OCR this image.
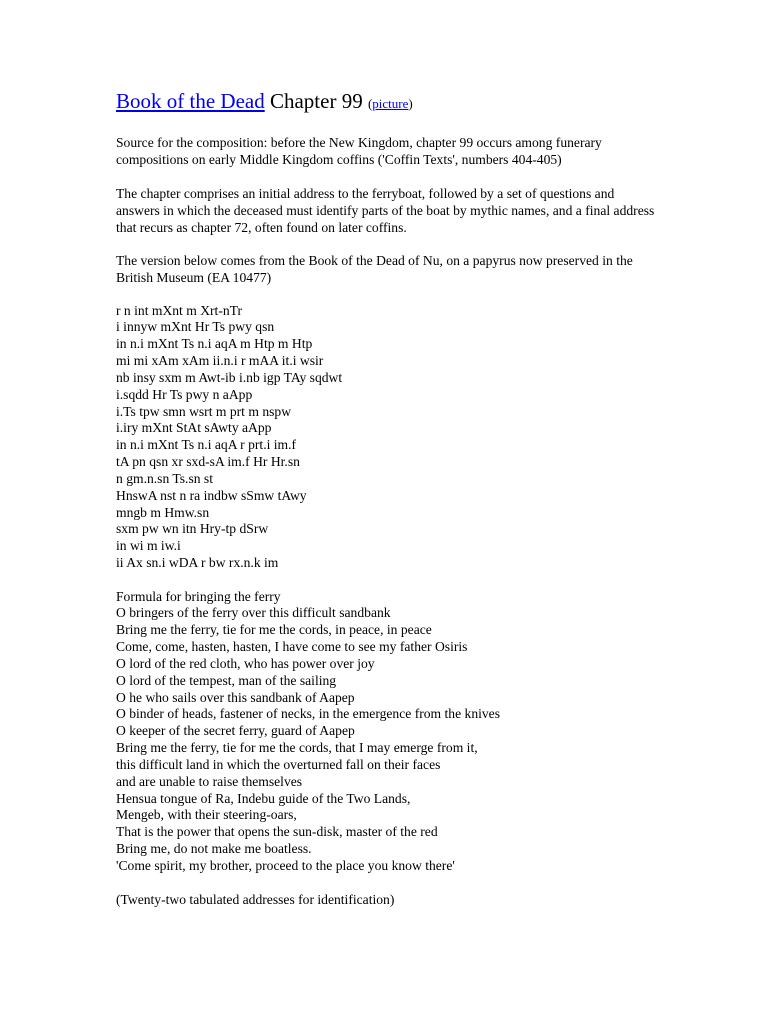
Book of the Dead Chapter 99 (picture)

Source for the composition: before the New Kingdom, chapter 99 occurs among funerary compositions on early Middle Kingdom coffins ('Coffin Texts', numbers 404-405)

The chapter comprises an initial address to the ferryboat, followed by a set of questions and answers in which the deceased must identify parts of the boat by mythic names, and a final address that recurs as chapter 72, often found on later coffins.

The version below comes from the Book of the Dead of Nu, on a papyrus now preserved in the British Museum (EA 10477)

r n int mXnt m Xrt-nTr
i innyw mXnt Hr Ts pwy qsn
in n.i mXnt Ts n.i aqA m Htp m Htp
mi mi xAm xAm ii.n.i r mAA it.i wsir
nb insy sxm m Awt-ib i.nb igp TAy sqdwt
i.sqdd Hr Ts pwy n aApp
i.Ts tpw smn wsrt m prt m nspw
i.iry mXnt StAt sAwty aApp
in n.i mXnt Ts n.i aqA r prt.i im.f
tA pn qsn xr sxd-sA im.f Hr Hr.sn
n gm.n.sn Ts.sn st
HnswA nst n ra indbw sSmw tAwy
mngb m Hmw.sn
sxm pw wn itn Hry-tp dSrw
in wi m iw.i
ii Ax sn.i wDA r bw rx.n.k im
Formula for bringing the ferry
O bringers of the ferry over this difficult sandbank
Bring me the ferry, tie for me the cords, in peace, in peace
Come, come, hasten, hasten, I have come to see my father Osiris
O lord of the red cloth, who has power over joy
O lord of the tempest, man of the sailing
O he who sails over this sandbank of Aapep
O binder of heads, fastener of necks, in the emergence from the knives
O keeper of the secret ferry, guard of Aapep
Bring me the ferry, tie for me the cords, that I may emerge from it,
this difficult land in which the overturned fall on their faces
and are unable to raise themselves
Hensua tongue of Ra, Indebu guide of the Two Lands,
Mengeb, with their steering-oars,
That is the power that opens the sun-disk, master of the red
Bring me, do not make me boatless.
'Come spirit, my brother, proceed to the place you know there'

(Twenty-two tabulated addresses for identification)
